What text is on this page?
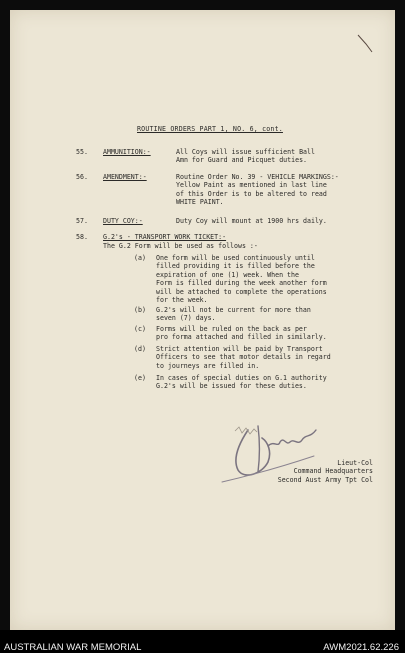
ROUTINE ORDERS PART 1, NO. 6, cont.
55.	AMMUNITION:-	All Coys will issue sufficient Ball
Amn for Guard and Picquet duties.
56.	AMENDMENT:-	Routine Order No. 39 - VEHICLE MARKINGS:-
Yellow Paint as mentioned in last line
of this Order is to be altered to read
WHITE PAINT.
57.	DUTY COY:-	Duty Coy will mount at 1900 hrs daily.
58.	G.2's - TRANSPORT WORK TICKET:-
The G.2 Form will be used as follows :-
(a) One form will be used continuously until
filled providing it is filled before the
expiration of one (1) week. When the
Form is filled during the week another form
will be attached to complete the operations
for the week.
(b) G.2's will not be current for more than
seven (7) days.
(c) Forms will be ruled on the back as per
pro forma attached and filled in similarly.
(d) Strict attention will be paid by Transport
Officers to see that motor details in regard
to journeys are filled in.
(e) In cases of special duties on G.1 authority
G.2's will be issued for these duties.
Lieut-Col
Command Headquarters
Second Aust Army Tpt Col
AUSTRALIAN WAR MEMORIAL	AWM2021.62.226
